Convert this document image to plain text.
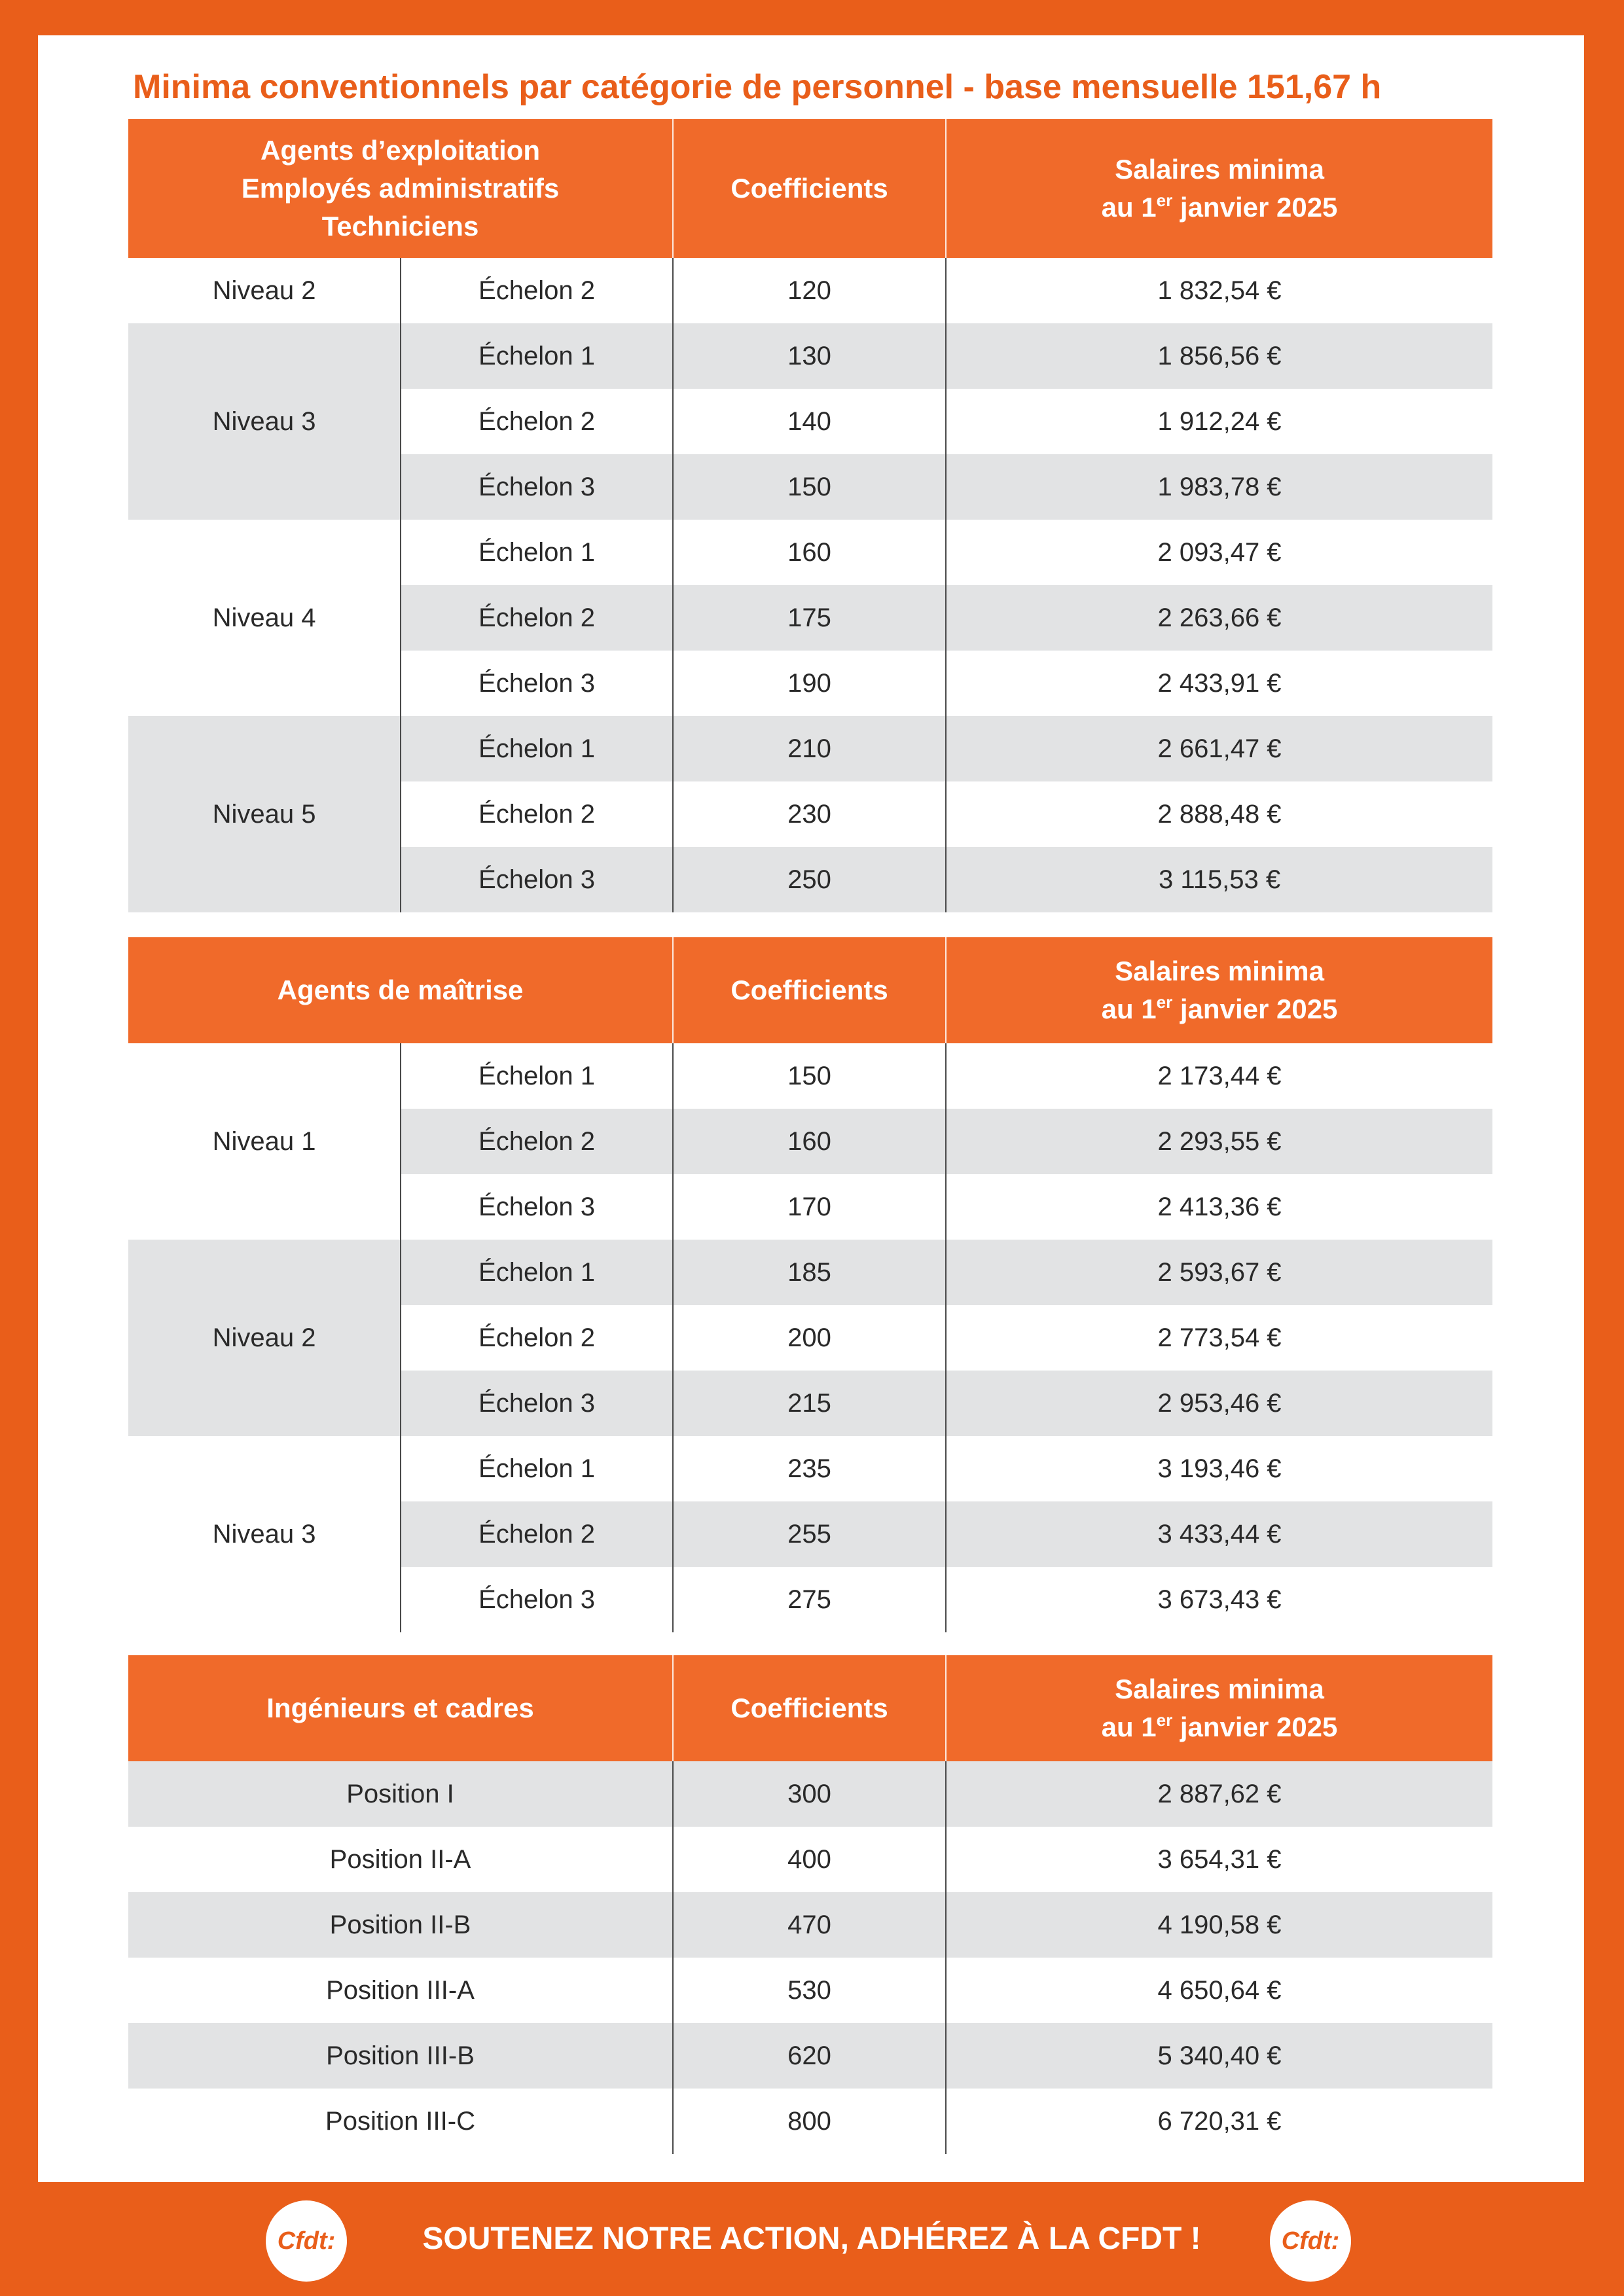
Minima conventionnels par catégorie de personnel - base mensuelle 151,67 h
Agents d’exploitation
Employés administratifs
Techniciens		Coefficients	Salaires minima
au 1er janvier 2025

Niveau 2	Échelon 2	120	1 832,54 €
Niveau 3	Échelon 1	130	1 856,56 €
	Échelon 2	140	1 912,24 €
	Échelon 3	150	1 983,78 €
Niveau 4	Échelon 1	160	2 093,47 €
	Échelon 2	175	2 263,66 €
	Échelon 3	190	2 433,91 €
Niveau 5	Échelon 1	210	2 661,47 €
	Échelon 2	230	2 888,48 €
	Échelon 3	250	3 115,53 €
Agents de maîtrise		Coefficients	Salaires minima
au 1er janvier 2025

Niveau 1	Échelon 1	150	2 173,44 €
	Échelon 2	160	2 293,55 €
	Échelon 3	170	2 413,36 €
Niveau 2	Échelon 1	185	2 593,67 €
	Échelon 2	200	2 773,54 €
	Échelon 3	215	2 953,46 €
Niveau 3	Échelon 1	235	3 193,46 €
	Échelon 2	255	3 433,44 €
	Échelon 3	275	3 673,43 €
Ingénieurs et cadres	Coefficients	Salaires minima
au 1er janvier 2025

Position I	300	2 887,62 €
Position II-A	400	3 654,31 €
Position II-B	470	4 190,58 €
Position III-A	530	4 650,64 €
Position III-B	620	5 340,40 €
Position III-C	800	6 720,31 €
Cfdt:	SOUTENEZ NOTRE ACTION, ADHÉREZ À LA CFDT !	Cfdt:
